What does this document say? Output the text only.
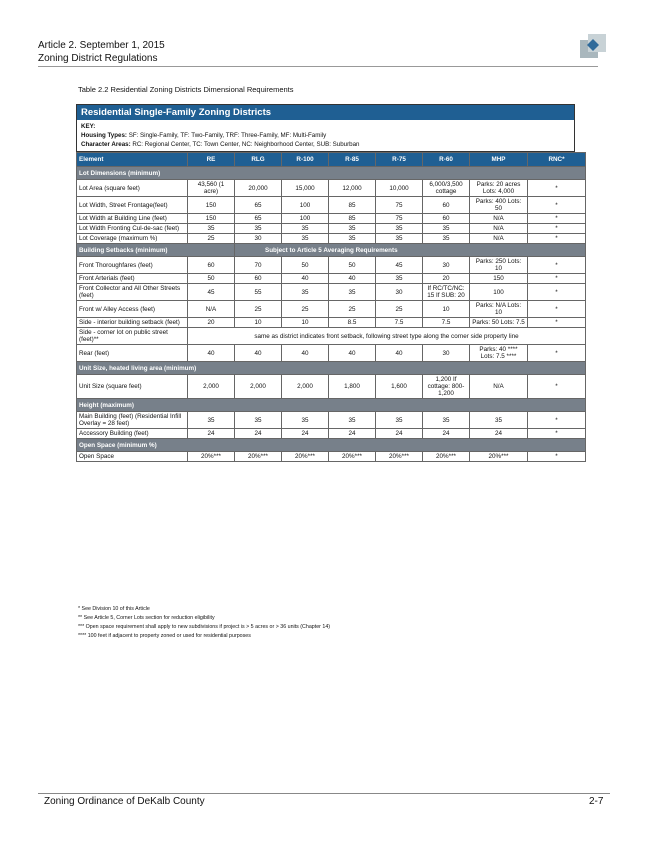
Article 2. September 1, 2015
Zoning District Regulations
Table 2.2 Residential Zoning Districts Dimensional Requirements
Residential Single-Family Zoning Districts
KEY:
Housing Types: SF: Single-Family, TF: Two-Family, TRF: Three-Family, MF: Multi-Family
Character Areas: RC: Regional Center, TC: Town Center, NC: Neighborhood Center, SUB: Suburban
Element	RE	RLG	R-100	R-85	R-75	R-60	MHP	RNC*
Lot Dimensions (minimum)								
Lot Area (square feet)	43,560 (1 acre)	20,000	15,000	12,000	10,000	6,000/3,500 cottage	Parks: 20 acres Lots: 4,000	*
Lot Width, Street Frontage(feet)	150	65	100	85	75	60	Parks: 400 Lots: 50	*
Lot Width at Building Line (feet)	150	65	100	85	75	60	N/A	*
Lot Width Fronting Cul-de-sac (feet)	35	35	35	35	35	35	N/A	*
Lot Coverage (maximum %)	25	30	35	35	35	35	N/A	*
Building Setbacks (minimum)		Subject to Article 5 Averaging Requirements						
Front Thoroughfares (feet)	60	70	50	50	45	30	Parks: 250 Lots: 10	*
Front Arterials (feet)	50	60	40	40	35	20	150	*
Front Collector and All Other Streets (feet)	45	55	35	35	30	If RC/TC/NC: 15 If SUB: 20	100	*
Front w/ Alley Access (feet)	N/A	25	25	25	25	10	Parks: N/A Lots: 10	*
Side - interior building setback (feet)	20	10	10	8.5	7.5	7.5	Parks: 50 Lots: 7.5	*
Side - corner lot on public street (feet)**	same as district indicates front setback, following street type along the corner side property line							
Rear (feet)	40	40	40	40	40	30	Parks: 40 **** Lots: 7.5 ****	*
Unit Size, heated living area (minimum)								
Unit Size (square feet)	2,000	2,000	2,000	1,800	1,600	1,200 If cottage: 800-1,200	N/A	*
Height (maximum)								
Main Building (feet) (Residential Infill Overlay = 28 feet)	35	35	35	35	35	35	35	*
Accessory Building (feet)	24	24	24	24	24	24	24	*
Open Space (minimum %)								
Open Space	20%***	20%***	20%***	20%***	20%***	20%***	20%***	*
* See Division 10 of this Article
** See Article 5, Corner Lots section for reduction eligibility
*** Open space requirement shall apply to new subdivisions if project is > 5 acres or > 36 units (Chapter 14)
**** 100 feet if adjacent to property zoned or used for residential purposes
Zoning Ordinance of DeKalb County	2-7
